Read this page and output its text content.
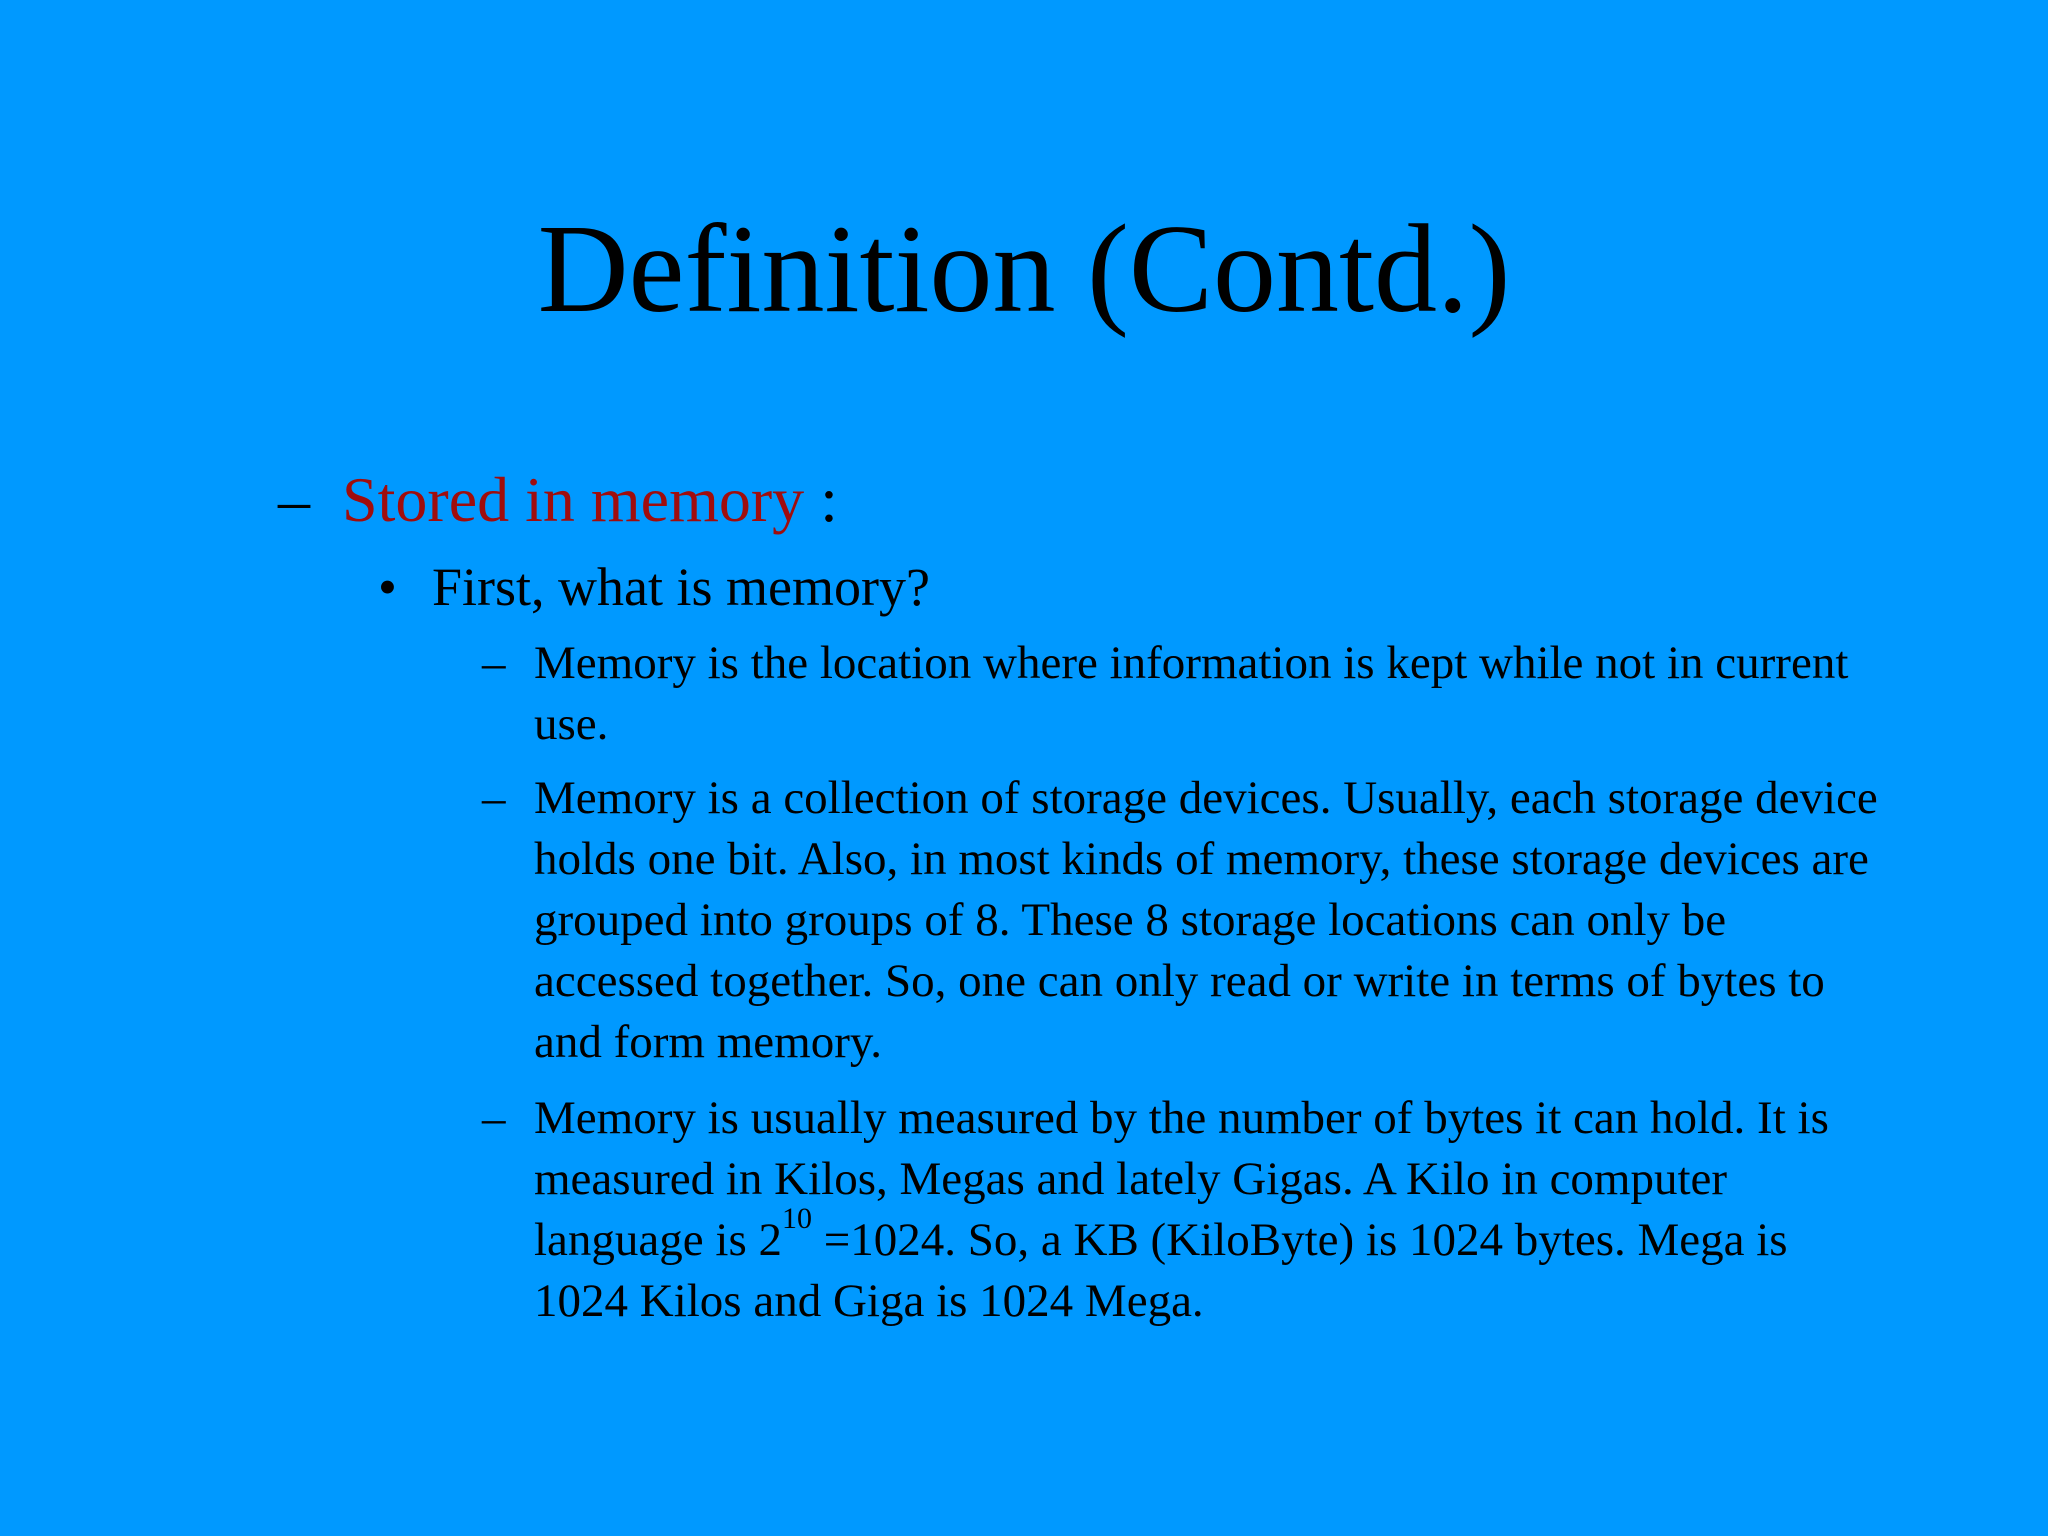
Definition (Contd.)
– Stored in memory :
• First, what is memory?
– Memory is the location where information is kept while not in current use.
– Memory is a collection of storage devices. Usually, each storage device holds one bit. Also, in most kinds of memory, these storage devices are grouped into groups of 8. These 8 storage locations can only be accessed together. So, one can only read or write in terms of bytes to and form memory.
– Memory is usually measured by the number of bytes it can hold. It is measured in Kilos, Megas and lately Gigas. A Kilo in computer language is $2^{10} =1024$. So, a KB (KiloByte) is 1024 bytes. Mega is 1024 Kilos and Giga is 1024 Mega.
